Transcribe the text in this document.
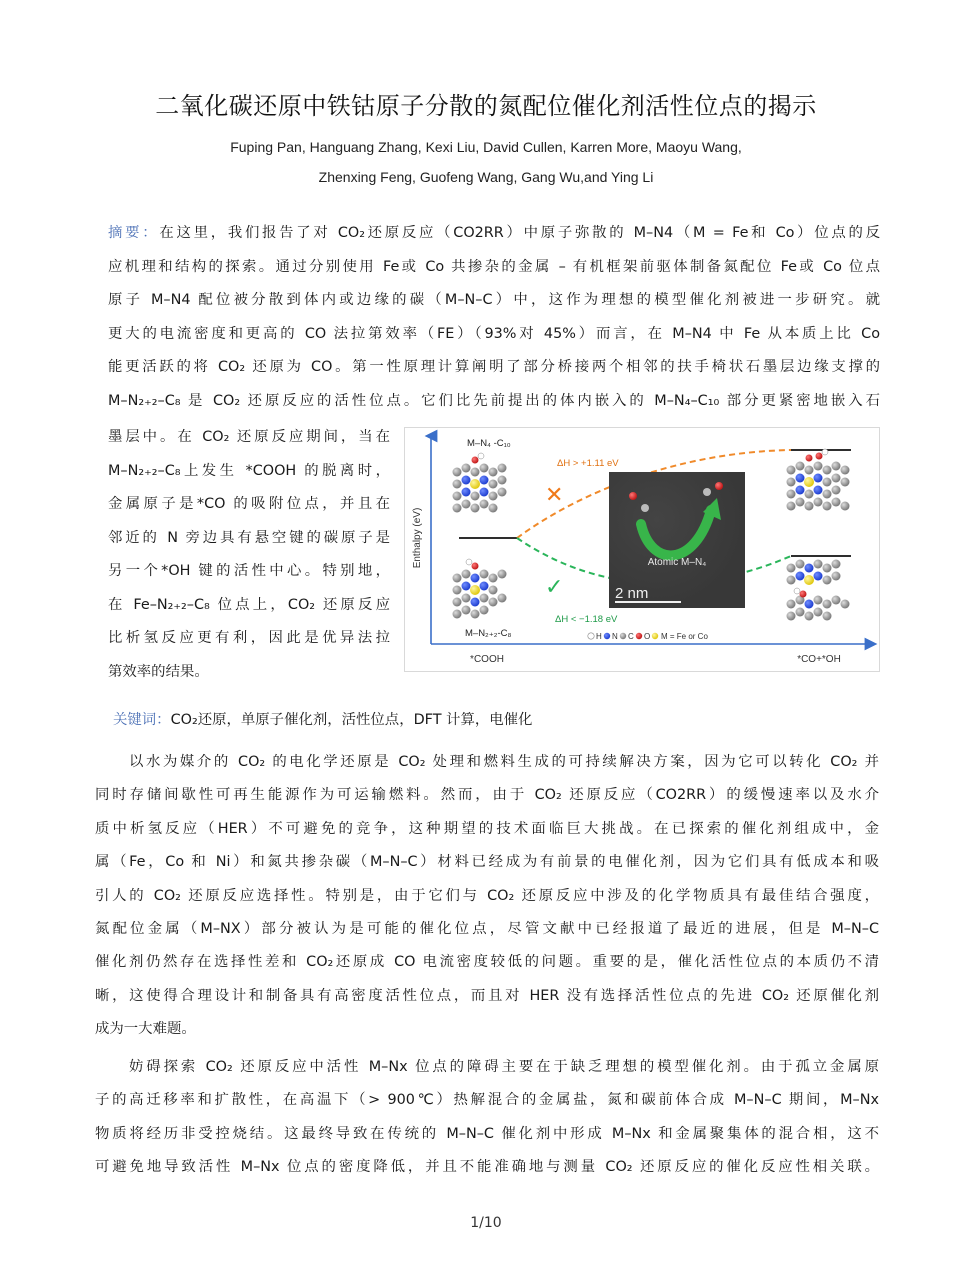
二氧化碳还原中铁钴原子分散的氮配位催化剂活性位点的揭示
Fuping Pan, Hanguang Zhang, Kexi Liu, David Cullen, Karren More, Maoyu Wang,
Zhenxing Feng, Guofeng Wang, Gang Wu,and Ying Li
摘要：在这里，我们报告了对 CO₂还原反应（CO2RR）中原子弥散的 M–N4（M = Fe和 Co）位点的反
应机理和结构的探索。通过分别使用 Fe或 Co 共掺杂的金属 – 有机框架前驱体制备氮配位 Fe或 Co 位点
原子 M–N4 配位被分散到体内或边缘的碳（M–N–C）中，这作为理想的模型催化剂被进一步研究。就
更大的电流密度和更高的 CO 法拉第效率（FE）（93%对 45%）而言，在 M–N4 中 Fe 从本质上比 Co
能更活跃的将 CO₂ 还原为 CO。第一性原理计算阐明了部分桥接两个相邻的扶手椅状石墨层边缘支撑的
M–N₂₊₂–C₈ 是 CO₂ 还原反应的活性位点。它们比先前提出的体内嵌入的 M–N₄–C₁₀ 部分更紧密地嵌入石
墨层中。在 CO₂ 还原反应期间，当在
M–N₂₊₂–C₈上发生 *COOH 的脱离时，
金属原子是*CO 的吸附位点，并且在
邻近的 N 旁边具有悬空键的碳原子是
另一个*OH 键的活性中心。特别地，
在 Fe–N₂₊₂–C₈ 位点上，CO₂ 还原反应
比析氢反应更有利，因此是优异法拉
第效率的结果。
Enthalpy (eV)
*COOH	*CO+*OH
M–N₄ -C₁₀
M–N₂₊₂-C₈
ΔH > +1.11 eV
ΔH < −1.18 eV
✕
✓
Atomic M–N₄
2 nm
H N C O M = Fe or Co
关键词：CO₂还原，单原子催化剂，活性位点，DFT 计算，电催化
以水为媒介的 CO₂ 的电化学还原是 CO₂ 处理和燃料生成的可持续解决方案，因为它可以转化 CO₂ 并
同时存储间歇性可再生能源作为可运输燃料。然而，由于 CO₂ 还原反应（CO2RR）的缓慢速率以及水介
质中析氢反应（HER）不可避免的竞争，这种期望的技术面临巨大挑战。在已探索的催化剂组成中，金
属（Fe，Co 和 Ni）和氮共掺杂碳（M–N–C）材料已经成为有前景的电催化剂，因为它们具有低成本和吸
引人的 CO₂ 还原反应选择性。特别是，由于它们与 CO₂ 还原反应中涉及的化学物质具有最佳结合强度，
氮配位金属（M–NX）部分被认为是可能的催化位点，尽管文献中已经报道了最近的进展，但是 M–N–C
催化剂仍然存在选择性差和 CO₂还原成 CO 电流密度较低的问题。重要的是，催化活性位点的本质仍不清
晰，这使得合理设计和制备具有高密度活性位点，而且对 HER 没有选择活性位点的先进 CO₂ 还原催化剂
成为一大难题。
妨碍探索 CO₂ 还原反应中活性 M–Nx 位点的障碍主要在于缺乏理想的模型催化剂。由于孤立金属原
子的高迁移率和扩散性，在高温下（> 900℃）热解混合的金属盐，氮和碳前体合成 M–N–C 期间，M–Nx
物质将经历非受控烧结。这最终导致在传统的 M–N–C 催化剂中形成 M–Nx 和金属聚集体的混合相，这不
可避免地导致活性 M–Nx 位点的密度降低，并且不能准确地与测量 CO₂ 还原反应的催化反应性相关联。
1/10
